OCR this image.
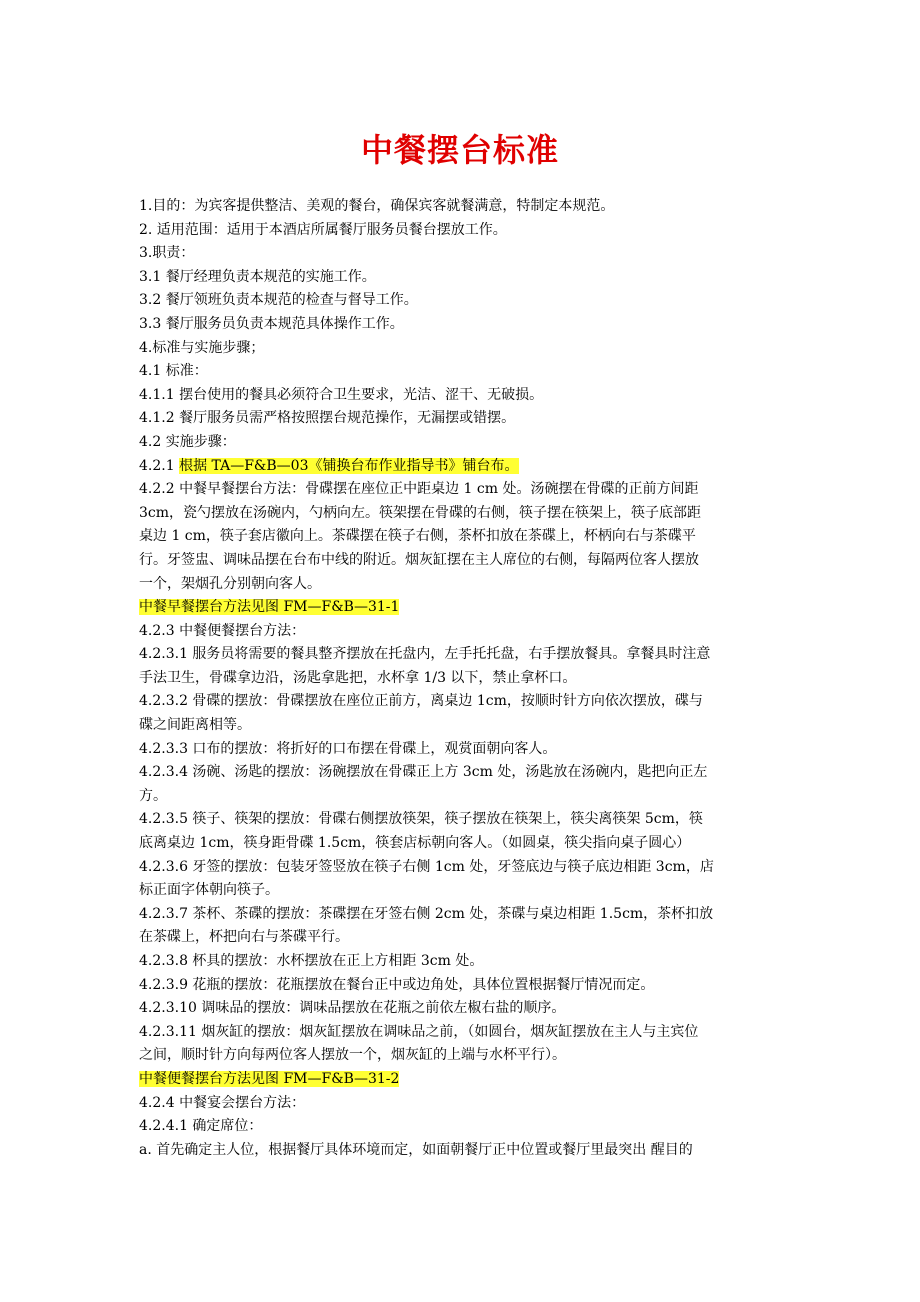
中餐摆台标准
1.目的：为宾客提供整洁、美观的餐台，确保宾客就餐满意，特制定本规范。
2. 适用范围：适用于本酒店所属餐厅服务员餐台摆放工作。
3.职责：
3.1 餐厅经理负责本规范的实施工作。
3.2 餐厅领班负责本规范的检查与督导工作。
3.3 餐厅服务员负责本规范具体操作工作。
4.标准与实施步骤；
4.1 标准：
4.1.1 摆台使用的餐具必须符合卫生要求，光洁、涩干、无破损。
4.1.2 餐厅服务员需严格按照摆台规范操作，无漏摆或错摆。
4.2 实施步骤：
4.2.1 根据 TA—F&B—03《铺换台布作业指导书》铺台布。
4.2.2 中餐早餐摆台方法：骨碟摆在座位正中距桌边 1 cm 处。汤碗摆在骨碟的正前方间距
3cm，瓷勺摆放在汤碗内，勺柄向左。筷架摆在骨碟的右侧，筷子摆在筷架上，筷子底部距
桌边 1 cm，筷子套店徽向上。茶碟摆在筷子右侧，茶杯扣放在茶碟上，杯柄向右与茶碟平
行。牙签盅、调味品摆在台布中线的附近。烟灰缸摆在主人席位的右侧，每隔两位客人摆放
一个，架烟孔分别朝向客人。
中餐早餐摆台方法见图 FM—F&B—31-1
4.2.3 中餐便餐摆台方法：
4.2.3.1 服务员将需要的餐具整齐摆放在托盘内，左手托托盘，右手摆放餐具。拿餐具时注意
手法卫生，骨碟拿边沿，汤匙拿匙把，水杯拿 1/3 以下，禁止拿杯口。
4.2.3.2 骨碟的摆放：骨碟摆放在座位正前方，离桌边 1cm，按顺时针方向依次摆放，碟与
碟之间距离相等。
4.2.3.3 口布的摆放：将折好的口布摆在骨碟上，观赏面朝向客人。
4.2.3.4 汤碗、汤匙的摆放：汤碗摆放在骨碟正上方 3cm 处，汤匙放在汤碗内，匙把向正左
方。
4.2.3.5 筷子、筷架的摆放：骨碟右侧摆放筷架，筷子摆放在筷架上，筷尖离筷架 5cm，筷
底离桌边 1cm，筷身距骨碟 1.5cm，筷套店标朝向客人。（如圆桌，筷尖指向桌子圆心）
4.2.3.6 牙签的摆放：包装牙签竖放在筷子右侧 1cm 处，牙签底边与筷子底边相距 3cm，店
标正面字体朝向筷子。
4.2.3.7 茶杯、茶碟的摆放：茶碟摆在牙签右侧 2cm 处，茶碟与桌边相距 1.5cm，茶杯扣放
在茶碟上，杯把向右与茶碟平行。
4.2.3.8 杯具的摆放：水杯摆放在正上方相距 3cm 处。
4.2.3.9 花瓶的摆放：花瓶摆放在餐台正中或边角处，具体位置根据餐厅情况而定。
4.2.3.10 调味品的摆放：调味品摆放在花瓶之前依左椒右盐的顺序。
4.2.3.11 烟灰缸的摆放：烟灰缸摆放在调味品之前，（如圆台，烟灰缸摆放在主人与主宾位
之间，顺时针方向每两位客人摆放一个，烟灰缸的上端与水杯平行）。
中餐便餐摆台方法见图 FM—F&B—31-2
4.2.4 中餐宴会摆台方法：
4.2.4.1 确定席位：
a. 首先确定主人位，根据餐厅具体环境而定，如面朝餐厅正中位置或餐厅里最突出 醒目的
